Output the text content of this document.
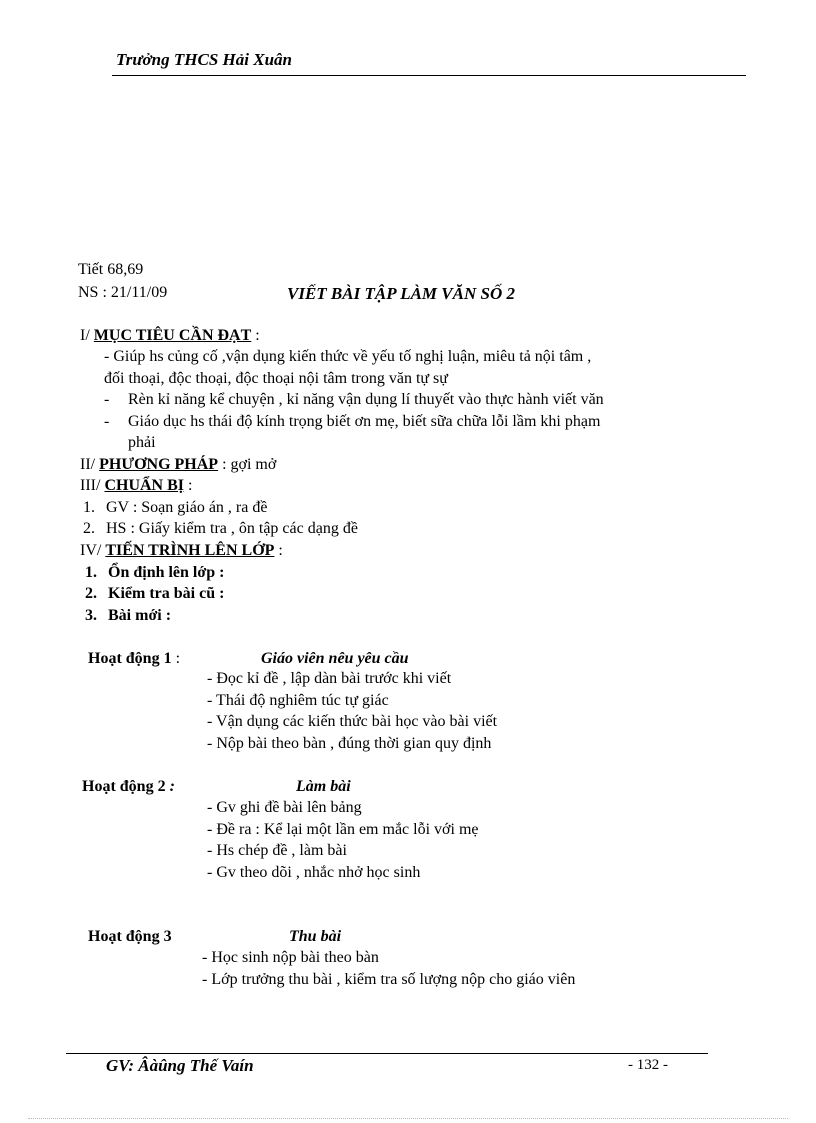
Trưởng THCS Hải Xuân
Tiết 68,69
NS : 21/11/09	VIẾT BÀI TẬP LÀM VĂN SỐ 2
I/ MỤC TIÊU CẦN ĐẠT :
- Giúp hs củng cố ,vận dụng kiến thức về yếu tố nghị luận, miêu tả nội tâm ,
đối thoại, độc thoại, độc thoại nội tâm trong văn tự sự
- Rèn kỉ năng kể chuyện , kỉ năng vận dụng lí thuyết vào thực hành viết văn
- Giáo dục hs thái độ kính trọng biết ơn mẹ, biết sữa chữa lỗi lầm khi phạm
phải
II/ PHƯƠNG PHÁP : gợi mở
III/ CHUẨN BỊ :
1. GV : Soạn giáo án , ra đề
2. HS : Giấy kiểm tra , ôn tập các dạng đề
IV/ TIẾN TRÌNH LÊN LỚP :
1. Ổn định lên lớp :
2. Kiểm tra bài cũ :
3. Bài mới :
Hoạt động 1 :	Giáo viên nêu yêu cầu
- Đọc kỉ đề , lập dàn bài trước khi viết
- Thái độ nghiêm túc tự giác
- Vận dụng các kiến thức bài học vào bài viết
- Nộp bài theo bàn , đúng thời gian quy định
Hoạt động 2 :	Làm bài
- Gv ghi đề bài lên bảng
- Đề ra : Kể lại một lần em mắc lỗi với mẹ
- Hs chép đề , làm bài
- Gv theo dõi , nhắc nhở học sinh
Hoạt động 3	Thu bài
- Học sinh nộp bài theo bàn
- Lớp trưởng thu bài , kiểm tra số lượng nộp cho giáo viên
GV: Âàûng Thế Vaín	- 132 -
